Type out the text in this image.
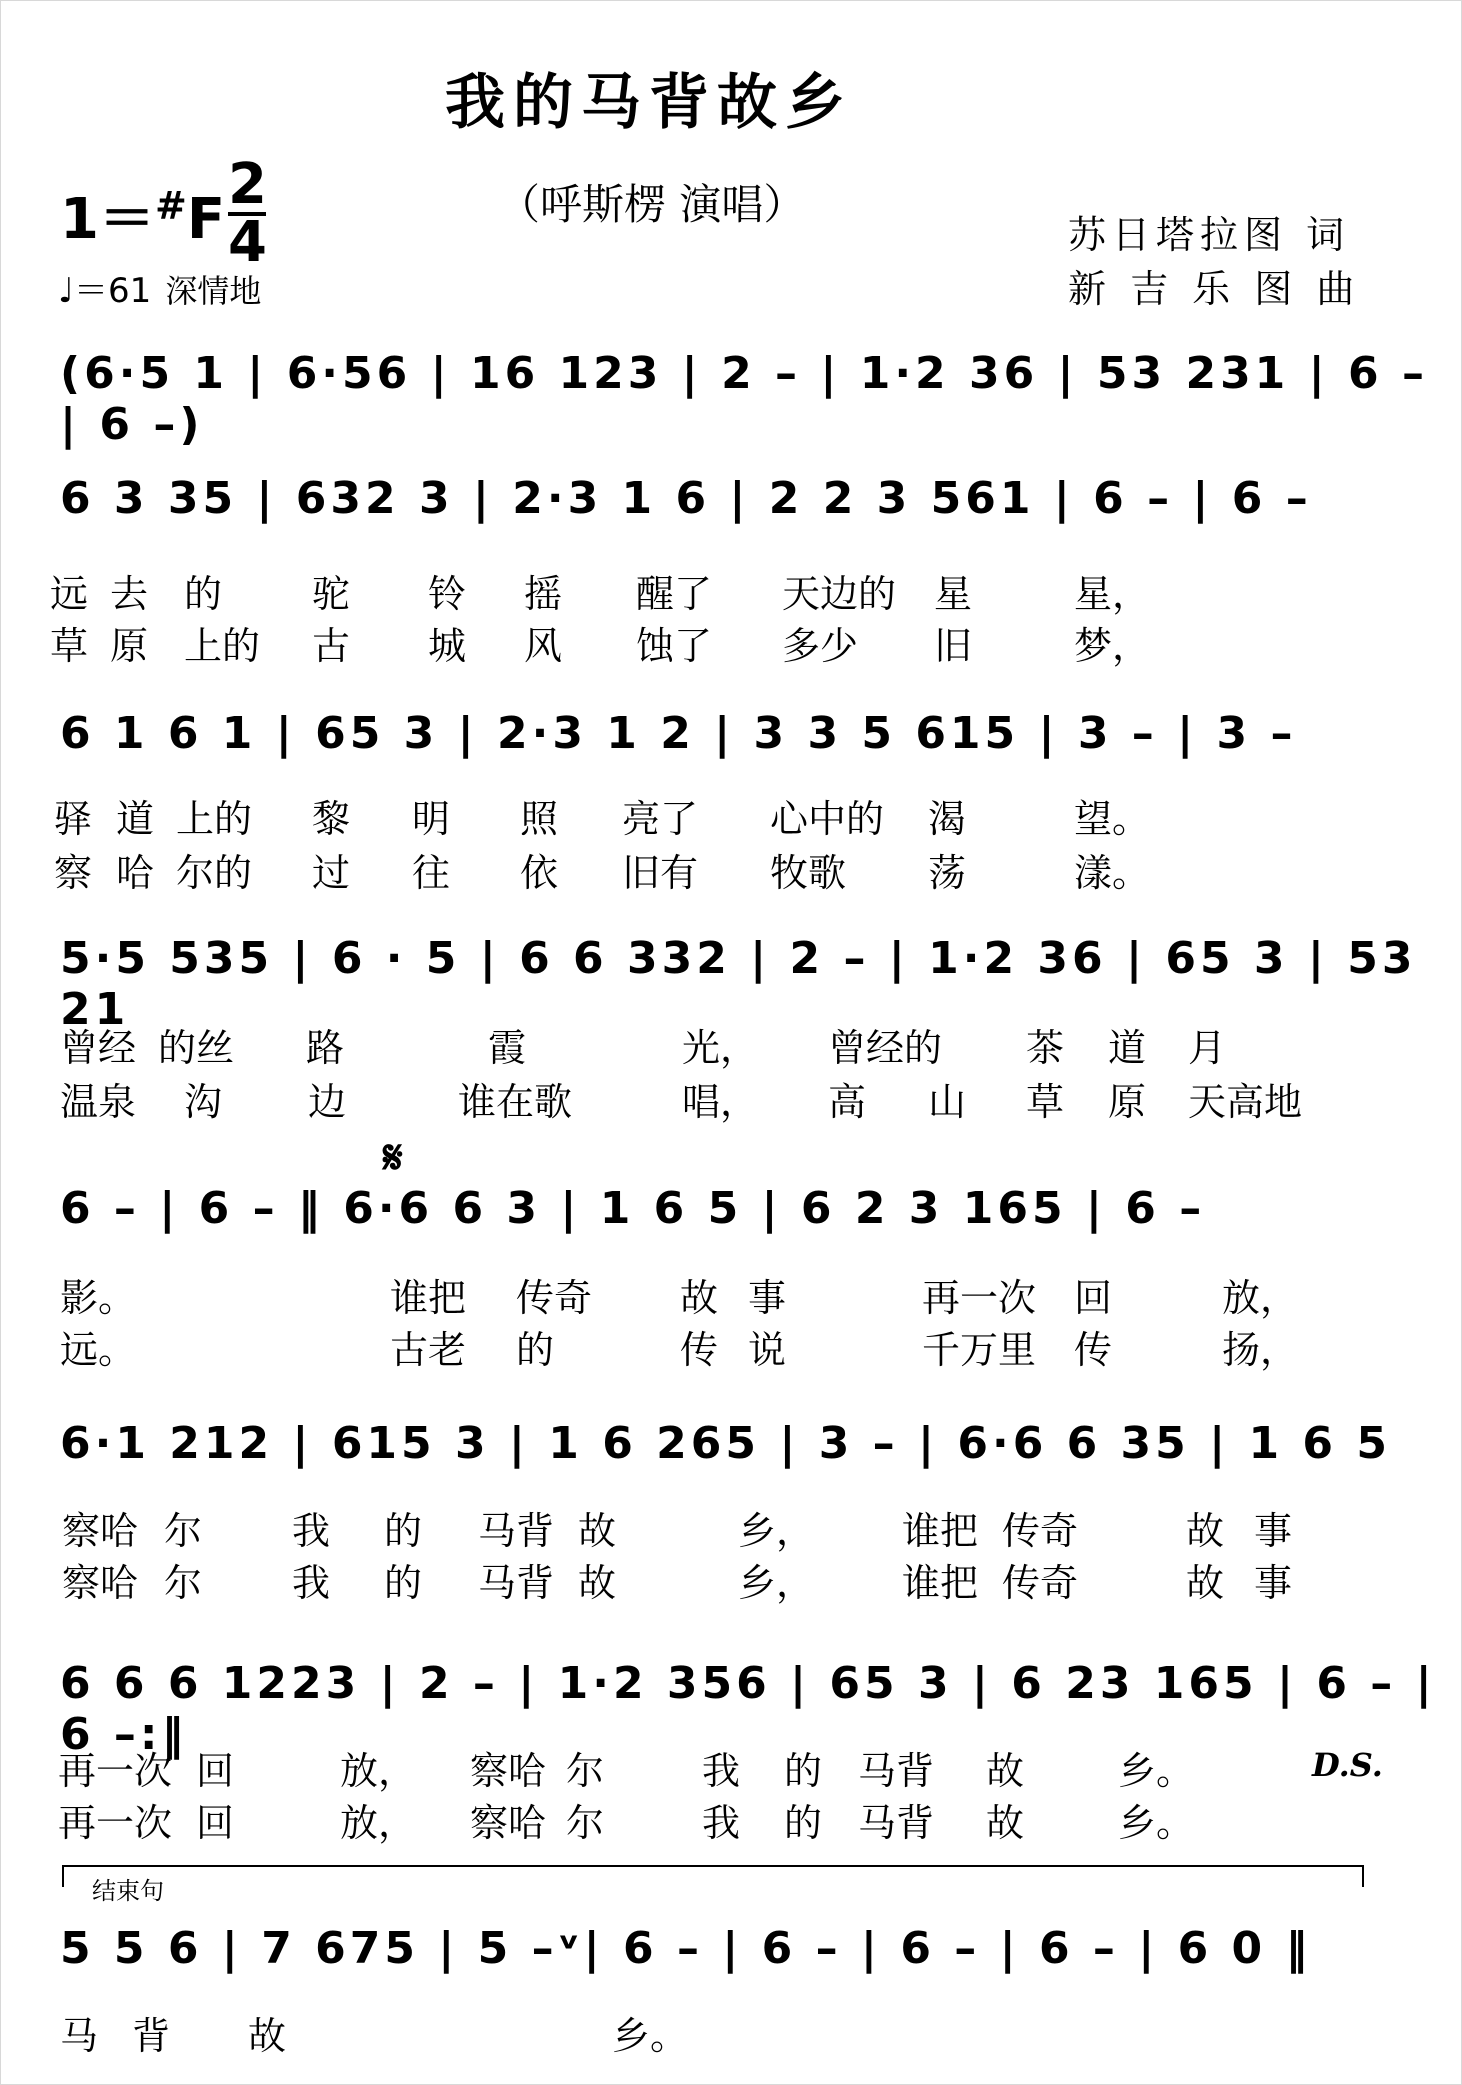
我的马背故乡
（呼斯楞 演唱）
苏日塔拉图 词
新 吉 乐 图 曲
1＝#F
2
4
♩＝61 深情地
(6·5 1 | 6·56 | 16 123 | 2 – | 1·2 36 | 53 231 | 6 – | 6 –)
6 3 35 | 632 3 | 2·3 1 6 | 2 2 3 561 | 6 – | 6 –
远 去 的 驼 铃 摇 醒了 天边的 星	星，
草 原 上的 古 城 风 蚀了 多少 旧	梦，
6 1 6 1 | 65 3 | 2·3 1 2 | 3 3 5 615 | 3 – | 3 –
驿 道 上的 黎 明 照 亮了 心中的 渴	望。
察 哈 尔的 过 往 依 旧有 牧歌 荡	漾。
5·5 535 | 6 · 5 | 6 6 332 | 2 – | 1·2 36 | 65 3 | 53 21
曾经 的丝 路	霞	光， 曾经的 茶 道 月
温泉 沟 边	谁在歌	唱， 高 山 草 原 天高地
𝄋
6 – | 6 – ‖ 6·6 6 3 | 1 6 5 | 6 2 3 165 | 6 –
影。	谁把 传奇 故 事	再一次 回	放，
远。	古老 的	传 说	千万里 传	扬，
6·1 212 | 615 3 | 1 6 265 | 3 – | 6·6 6 35 | 1 6 5
察哈 尔 我 的 马背 故	乡， 谁把 传奇	故 事
察哈 尔 我 的 马背 故	乡， 谁把 传奇	故 事
6 6 6 1223 | 2 – | 1·2 356 | 65 3 | 6 23 165 | 6 – | 6 –:‖
再一次 回	放， 察哈 尔	我 的 马背 故 乡。	D.S.
再一次 回	放， 察哈 尔	我 的 马背 故 乡。
结束句
5 5 6 | 7 675 | 5 –ᵛ| 6 – | 6 – | 6 – | 6 – | 6 0 ‖
马 背 故	乡。
